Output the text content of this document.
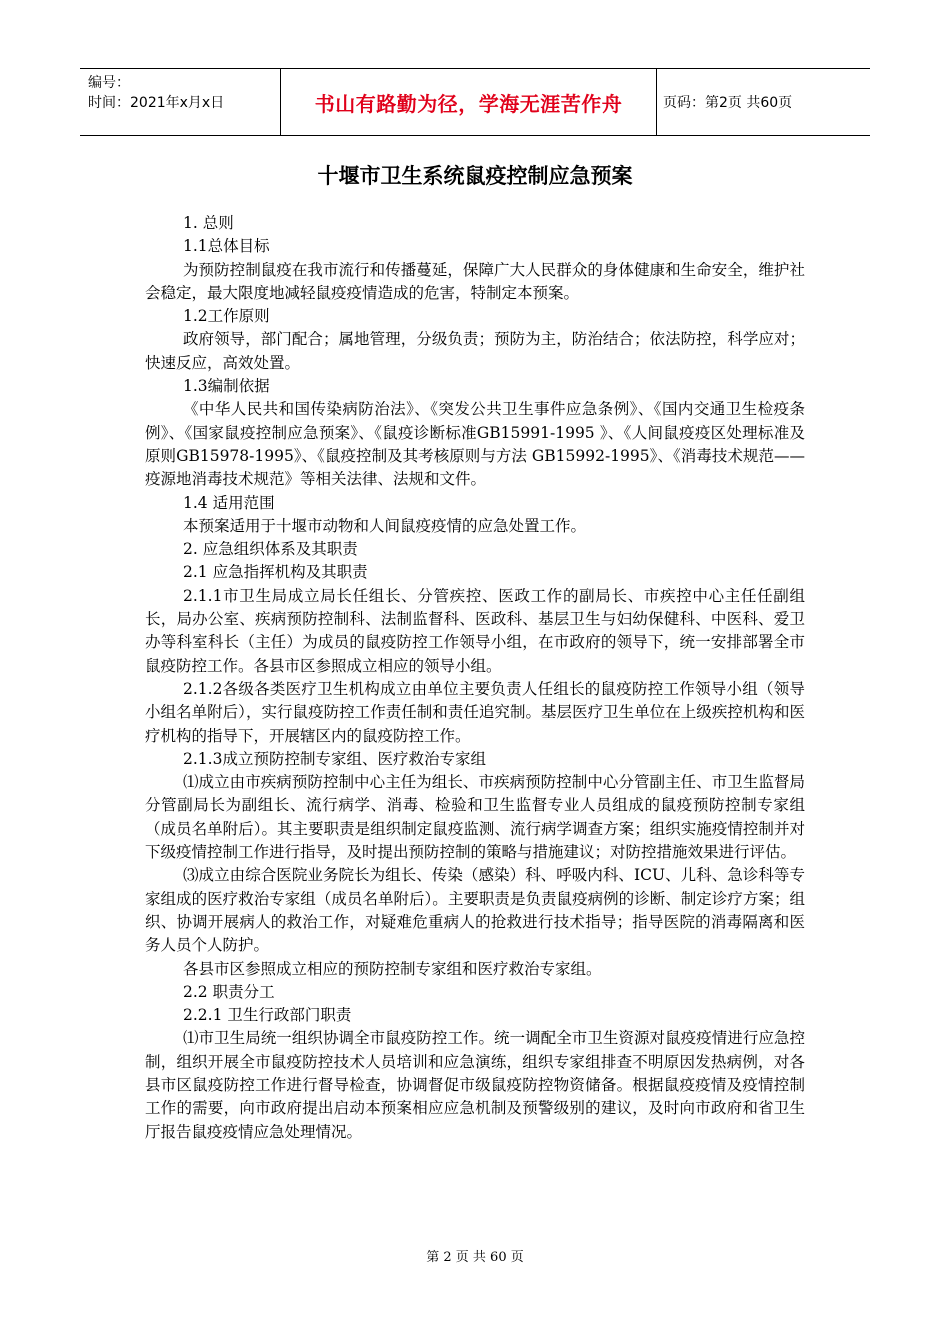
编号：
时间：2021年x月x日	书山有路勤为径，学海无涯苦作舟	页码：第2页 共60页
十堰市卫生系统鼠疫控制应急预案

1. 总则

1.1总体目标

为预防控制鼠疫在我市流行和传播蔓延，保障广大人民群众的身体健康和生命安全，维护社会稳定，最大限度地减轻鼠疫疫情造成的危害，特制定本预案。

1.2工作原则

政府领导，部门配合；属地管理，分级负责；预防为主，防治结合；依法防控，科学应对；快速反应，高效处置。

1.3编制依据

《中华人民共和国传染病防治法》、《突发公共卫生事件应急条例》、《国内交通卫生检疫条例》、《国家鼠疫控制应急预案》、《鼠疫诊断标准GB15991-1995 》、《人间鼠疫疫区处理标准及原则GB15978-1995》、《鼠疫控制及其考核原则与方法 GB15992-1995》、《消毒技术规范——疫源地消毒技术规范》等相关法律、法规和文件。

1.4 适用范围

本预案适用于十堰市动物和人间鼠疫疫情的应急处置工作。

2. 应急组织体系及其职责

2.1 应急指挥机构及其职责

2.1.1市卫生局成立局长任组长、分管疾控、医政工作的副局长、市疾控中心主任任副组长，局办公室、疾病预防控制科、法制监督科、医政科、基层卫生与妇幼保健科、中医科、爱卫办等科室科长（主任）为成员的鼠疫防控工作领导小组，在市政府的领导下，统一安排部署全市鼠疫防控工作。各县市区参照成立相应的领导小组。

2.1.2各级各类医疗卫生机构成立由单位主要负责人任组长的鼠疫防控工作领导小组（领导小组名单附后），实行鼠疫防控工作责任制和责任追究制。基层医疗卫生单位在上级疾控机构和医疗机构的指导下，开展辖区内的鼠疫防控工作。

2.1.3成立预防控制专家组、医疗救治专家组

⑴成立由市疾病预防控制中心主任为组长、市疾病预防控制中心分管副主任、市卫生监督局分管副局长为副组长、流行病学、消毒、检验和卫生监督专业人员组成的鼠疫预防控制专家组（成员名单附后）。其主要职责是组织制定鼠疫监测、流行病学调查方案；组织实施疫情控制并对下级疫情控制工作进行指导，及时提出预防控制的策略与措施建议；对防控措施效果进行评估。

⑶成立由综合医院业务院长为组长、传染（感染）科、呼吸内科、ICU、儿科、急诊科等专家组成的医疗救治专家组（成员名单附后）。主要职责是负责鼠疫病例的诊断、制定诊疗方案；组织、协调开展病人的救治工作，对疑难危重病人的抢救进行技术指导；指导医院的消毒隔离和医务人员个人防护。

各县市区参照成立相应的预防控制专家组和医疗救治专家组。

2.2 职责分工

2.2.1 卫生行政部门职责

⑴市卫生局统一组织协调全市鼠疫防控工作。统一调配全市卫生资源对鼠疫疫情进行应急控制，组织开展全市鼠疫防控技术人员培训和应急演练，组织专家组排查不明原因发热病例，对各县市区鼠疫防控工作进行督导检查，协调督促市级鼠疫防控物资储备。根据鼠疫疫情及疫情控制工作的需要，向市政府提出启动本预案相应应急机制及预警级别的建议，及时向市政府和省卫生厅报告鼠疫疫情应急处理情况。

第 2 页 共 60 页
